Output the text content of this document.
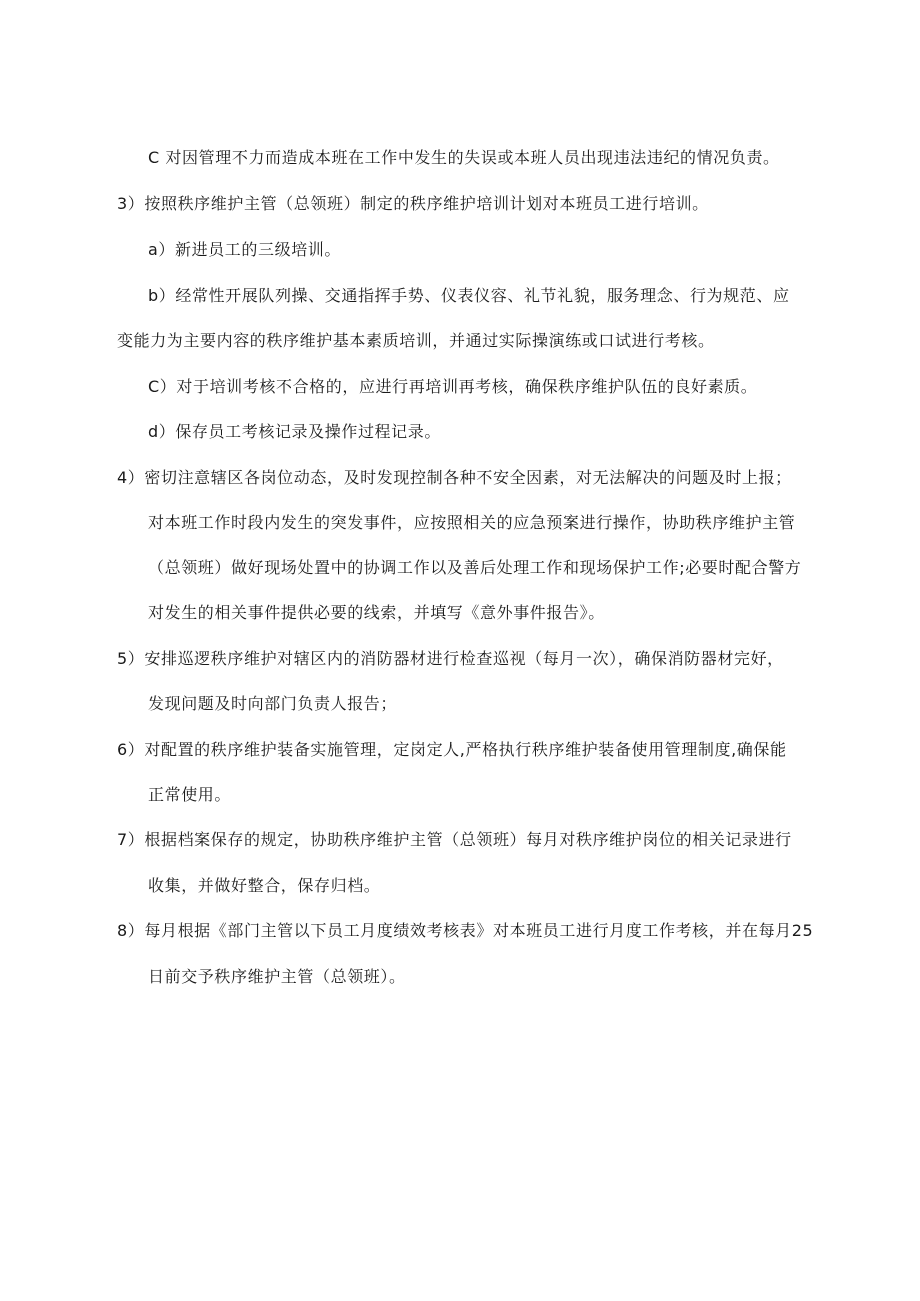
C 对因管理不力而造成本班在工作中发生的失误或本班人员出现违法违纪的情况负责。
3）按照秩序维护主管（总领班）制定的秩序维护培训计划对本班员工进行培训。
a）新进员工的三级培训。
b）经常性开展队列操、交通指挥手势、仪表仪容、礼节礼貌，服务理念、行为规范、应
变能力为主要内容的秩序维护基本素质培训，并通过实际操演练或口试进行考核。
C）对于培训考核不合格的，应进行再培训再考核，确保秩序维护队伍的良好素质。
d）保存员工考核记录及操作过程记录。
4）密切注意辖区各岗位动态，及时发现控制各种不安全因素，对无法解决的问题及时上报；
对本班工作时段内发生的突发事件，应按照相关的应急预案进行操作，协助秩序维护主管
（总领班）做好现场处置中的协调工作以及善后处理工作和现场保护工作;必要时配合警方
对发生的相关事件提供必要的线索，并填写《意外事件报告》。
5）安排巡逻秩序维护对辖区内的消防器材进行检查巡视（每月一次），确保消防器材完好，
发现问题及时向部门负责人报告；
6）对配置的秩序维护装备实施管理，定岗定人,严格执行秩序维护装备使用管理制度,确保能
正常使用。
7）根据档案保存的规定，协助秩序维护主管（总领班）每月对秩序维护岗位的相关记录进行
收集，并做好整合，保存归档。
8）每月根据《部门主管以下员工月度绩效考核表》对本班员工进行月度工作考核，并在每月25
日前交予秩序维护主管（总领班）。
